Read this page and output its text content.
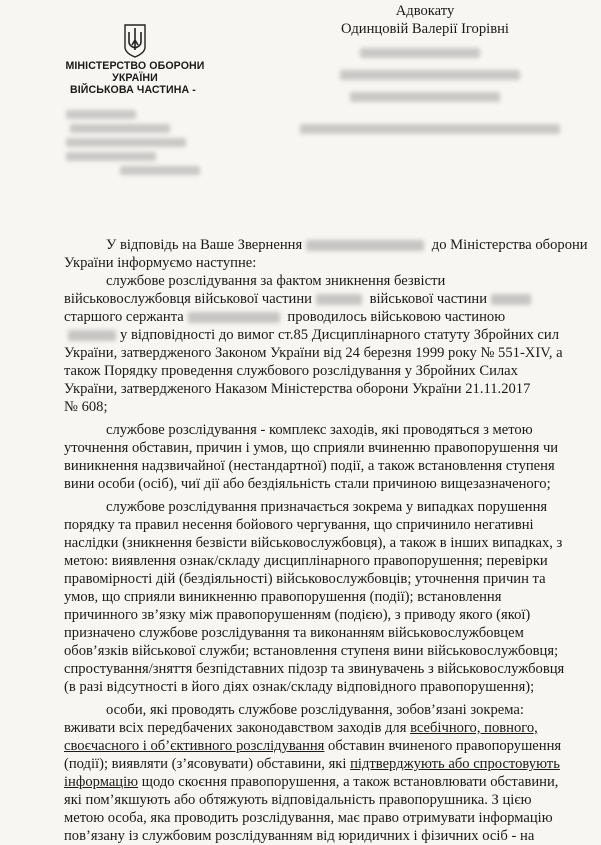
МІНІСТЕРСТВО ОБОРОНИ
УКРАЇНИ
ВІЙСЬКОВА ЧАСТИНА -
Адвокату
Одинцовій Валерії Ігорівні
У відповідь на Ваше Звернення	до Міністерства оборони
України інформуємо наступне:
службове розслідування за фактом зникнення безвісти
військовослужбовця військової частини	військової частини
старшого сержанта	проводилось військовою частиною
у відповідності до вимог ст.85 Дисциплінарного статуту Збройних сил
України, затвердженого Законом України від 24 березня 1999 року № 551-XIV, а
також Порядку проведення службового розслідування у Збройних Силах
України, затвердженого Наказом Міністерства оборони України 21.11.2017
№ 608;
службове розслідування - комплекс заходів, які проводяться з метою
уточнення обставин, причин і умов, що сприяли вчиненню правопорушення чи
виникнення надзвичайної (нестандартної) події, а також встановлення ступеня
вини особи (осіб), чиї дії або бездіяльність стали причиною вищезазначеного;
службове розслідування призначається зокрема у випадках порушення
порядку та правил несення бойового чергування, що спричинило негативні
наслідки (зникнення безвісти військовослужбовця), а також в інших випадках, з
метою: виявлення ознак/складу дисциплінарного правопорушення; перевірки
правомірності дій (бездіяльності) військовослужбовців; уточнення причин та
умов, що сприяли виникненню правопорушення (події); встановлення
причинного зв’язку між правопорушенням (подією), з приводу якого (якої)
призначено службове розслідування та виконанням військовослужбовцем
обов’язків військової служби; встановлення ступеня вини військовослужбовця;
спростування/зняття безпідставних підозр та звинувачень з військовослужбовця
(в разі відсутності в його діях ознак/складу відповідного правопорушення);
особи, які проводять службове розслідування, зобов’язані зокрема:
вживати всіх передбачених законодавством заходів для всебічного, повного,
своєчасного і об’єктивного розслідування обставин вчиненого правопорушення
(події); виявляти (з’ясовувати) обставини, які підтверджують або спростовують
інформацію щодо скоєння правопорушення, а також встановлювати обставини,
які пом’якшують або обтяжують відповідальність правопорушника. З цією
метою особа, яка проводить розслідування, має право отримувати інформацію
пов’язану із службовим розслідуванням від юридичних і фізичних осіб - на
